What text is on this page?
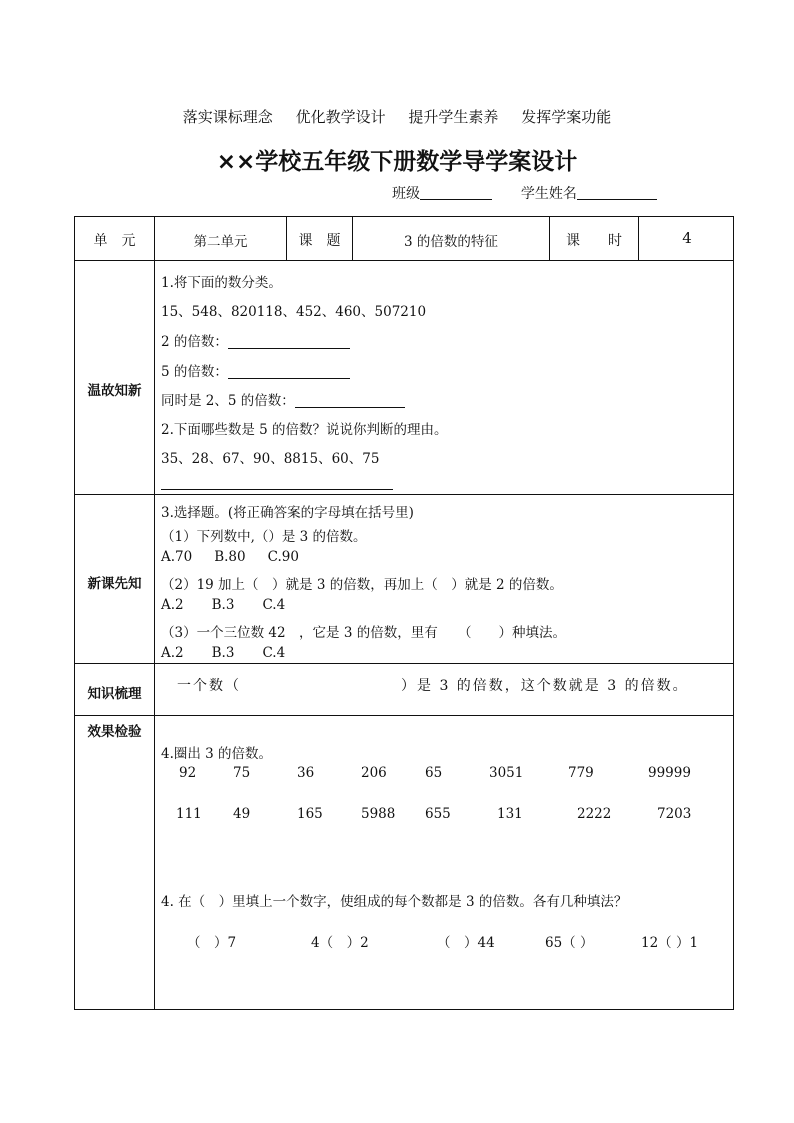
落实课标理念 优化教学设计 提升学生素养 发挥学案功能
××学校五年级下册数学导学案设计
班级	学生姓名
单　元	第二单元	课　题	3 的倍数的特征	课　　时	4
温故知新
1.将下面的数分类。
15、548、820118、452、460、507210
2 的倍数：
5 的倍数：
同时是 2、5 的倍数：
2.下面哪些数是 5 的倍数？说说你判断的理由。
35、28、67、90、8815、60、75
新课先知
3.选择题。(将正确答案的字母填在括号里)
（1）下列数中,（）是 3 的倍数。
A.70 B.80 C.90
（2）19 加上（　）就是 3 的倍数，再加上（　）就是 2 的倍数。
A.2 B.3 C.4
（3）一个三位数 42　，它是 3 的倍数，里有　　（　　）种填法。
A.2 B.3 C.4
知识梳理	一个数（	）是 3 的倍数，这个数就是 3 的倍数。
效果检验
4.圈出 3 的倍数。
92	75	36	206	65	3051	779	99999
111 49	165	5988 655	131	2222	7203
4. 在（　）里填上一个数字，使组成的每个数都是 3 的倍数。各有几种填法？
（　）7	4（　）2	（　）44	65（ ）	12（ ）1
